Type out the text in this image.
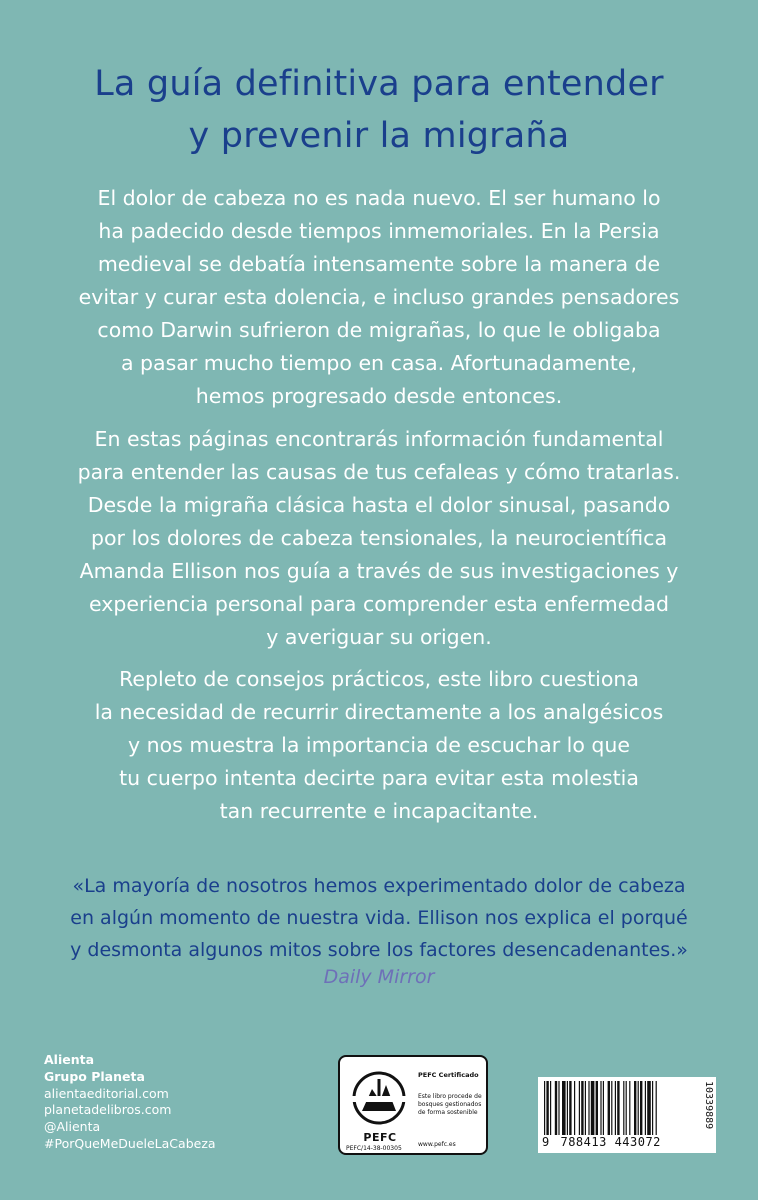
La guía definitiva para entender
y prevenir la migraña
El dolor de cabeza no es nada nuevo. El ser humano lo
ha padecido desde tiempos inmemoriales. En la Persia
medieval se debatía intensamente sobre la manera de
evitar y curar esta dolencia, e incluso grandes pensadores
como Darwin sufrieron de migrañas, lo que le obligaba
a pasar mucho tiempo en casa. Afortunadamente,
hemos progresado desde entonces.
En estas páginas encontrarás información fundamental
para entender las causas de tus cefaleas y cómo tratarlas.
Desde la migraña clásica hasta el dolor sinusal, pasando
por los dolores de cabeza tensionales, la neurocientífica
Amanda Ellison nos guía a través de sus investigaciones y
experiencia personal para comprender esta enfermedad
y averiguar su origen.
Repleto de consejos prácticos, este libro cuestiona
la necesidad de recurrir directamente a los analgésicos
y nos muestra la importancia de escuchar lo que
tu cuerpo intenta decirte para evitar esta molestia
tan recurrente e incapacitante.
«La mayoría de nosotros hemos experimentado dolor de cabeza
en algún momento de nuestra vida. Ellison nos explica el porqué
y desmonta algunos mitos sobre los factores desencadenantes.»
Daily Mirror
Alienta
Grupo Planeta
alientaeditorial.com
planetadelibros.com
@Alienta
#PorQueMeDueleLaCabeza	PEFC
PEFC/14-38-00305
PEFC Certificado
Este libro procede de bosques gestionados de forma sostenible
www.pefc.es	9 788413 443072
10339889
